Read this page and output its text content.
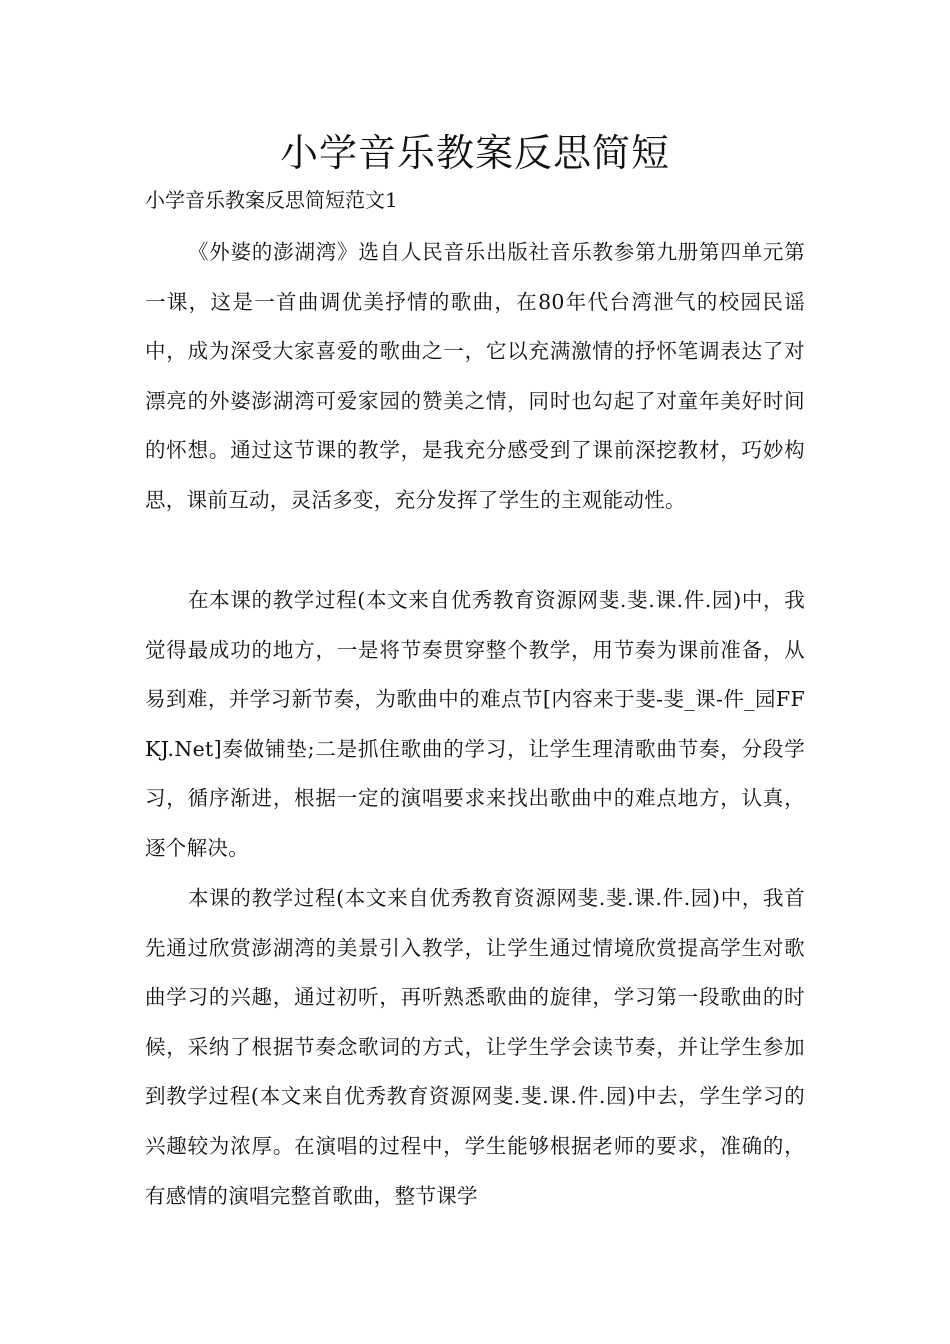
小学音乐教案反思简短
小学音乐教案反思简短范文1

《外婆的澎湖湾》选自人民音乐出版社音乐教参第九册第四单元第一课，这是一首曲调优美抒情的歌曲，在80年代台湾泄气的校园民谣中，成为深受大家喜爱的歌曲之一，它以充满激情的抒怀笔调表达了对漂亮的外婆澎湖湾可爱家园的赞美之情，同时也勾起了对童年美好时间的怀想。通过这节课的教学，是我充分感受到了课前深挖教材，巧妙构思，课前互动，灵活多变，充分发挥了学生的主观能动性。

在本课的教学过程(本文来自优秀教育资源网斐.斐.课.件.园)中，我觉得最成功的地方，一是将节奏贯穿整个教学，用节奏为课前准备，从易到难，并学习新节奏，为歌曲中的难点节[内容来于斐-斐_课-件_园FFKJ.Net]奏做铺垫;二是抓住歌曲的学习，让学生理清歌曲节奏，分段学习，循序渐进，根据一定的演唱要求来找出歌曲中的难点地方，认真，逐个解决。

本课的教学过程(本文来自优秀教育资源网斐.斐.课.件.园)中，我首先通过欣赏澎湖湾的美景引入教学，让学生通过情境欣赏提高学生对歌曲学习的兴趣，通过初听，再听熟悉歌曲的旋律，学习第一段歌曲的时候，采纳了根据节奏念歌词的方式，让学生学会读节奏，并让学生参加到教学过程(本文来自优秀教育资源网斐.斐.课.件.园)中去，学生学习的兴趣较为浓厚。在演唱的过程中，学生能够根据老师的要求，准确的，有感情的演唱完整首歌曲，整节课学
